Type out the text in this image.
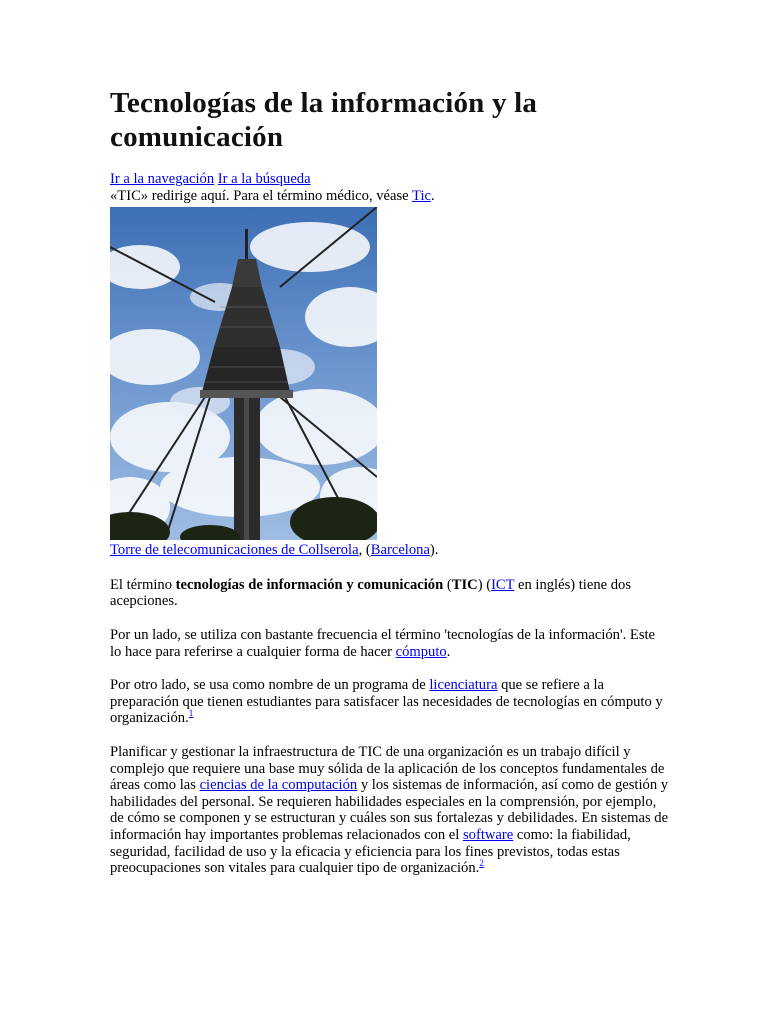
Tecnologías de la información y la comunicación
Ir a la navegación Ir a la búsqueda
«TIC» redirige aquí. Para el término médico, véase Tic.
Torre de telecomunicaciones de Collserola, (Barcelona).
El término tecnologías de información y comunicación (TIC) (ICT en inglés) tiene dos acepciones.
Por un lado, se utiliza con bastante frecuencia el término 'tecnologías de la información'. Este lo hace para referirse a cualquier forma de hacer cómputo.
Por otro lado, se usa como nombre de un programa de licenciatura que se refiere a la preparación que tienen estudiantes para satisfacer las necesidades de tecnologías en cómputo y organización.$^1$
Planificar y gestionar la infraestructura de TIC de una organización es un trabajo difícil y complejo que requiere una base muy sólida de la aplicación de los conceptos fundamentales de áreas como las ciencias de la computación y los sistemas de información, así como de gestión y habilidades del personal. Se requieren habilidades especiales en la comprensión, por ejemplo, de cómo se componen y se estructuran y cuáles son sus fortalezas y debilidades. En sistemas de información hay importantes problemas relacionados con el software como: la fiabilidad, seguridad, facilidad de uso y la eficacia y eficiencia para los fines previstos, todas estas preocupaciones son vitales para cualquier tipo de organización.$^2$
